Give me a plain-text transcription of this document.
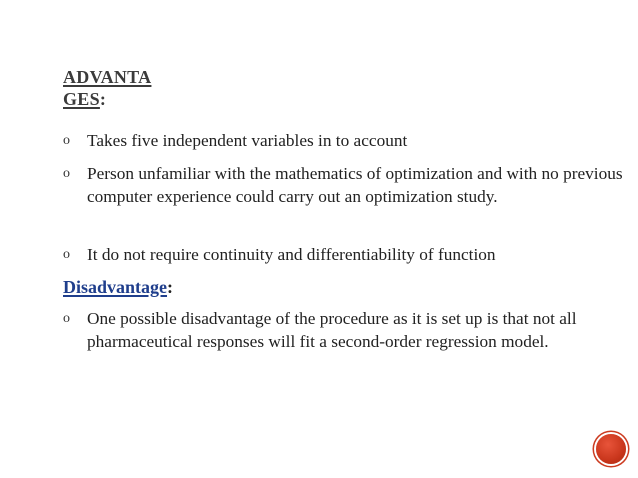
ADVANTA
GES:
o Takes five independent variables in to account
o Person unfamiliar with the mathematics of optimization and with no previous computer experience could carry out an optimization study.
o It do not require continuity and differentiability of function
Disadvantage:
o One possible disadvantage of the procedure as it is set up is that not all pharmaceutical responses will fit a second-order regression model.
